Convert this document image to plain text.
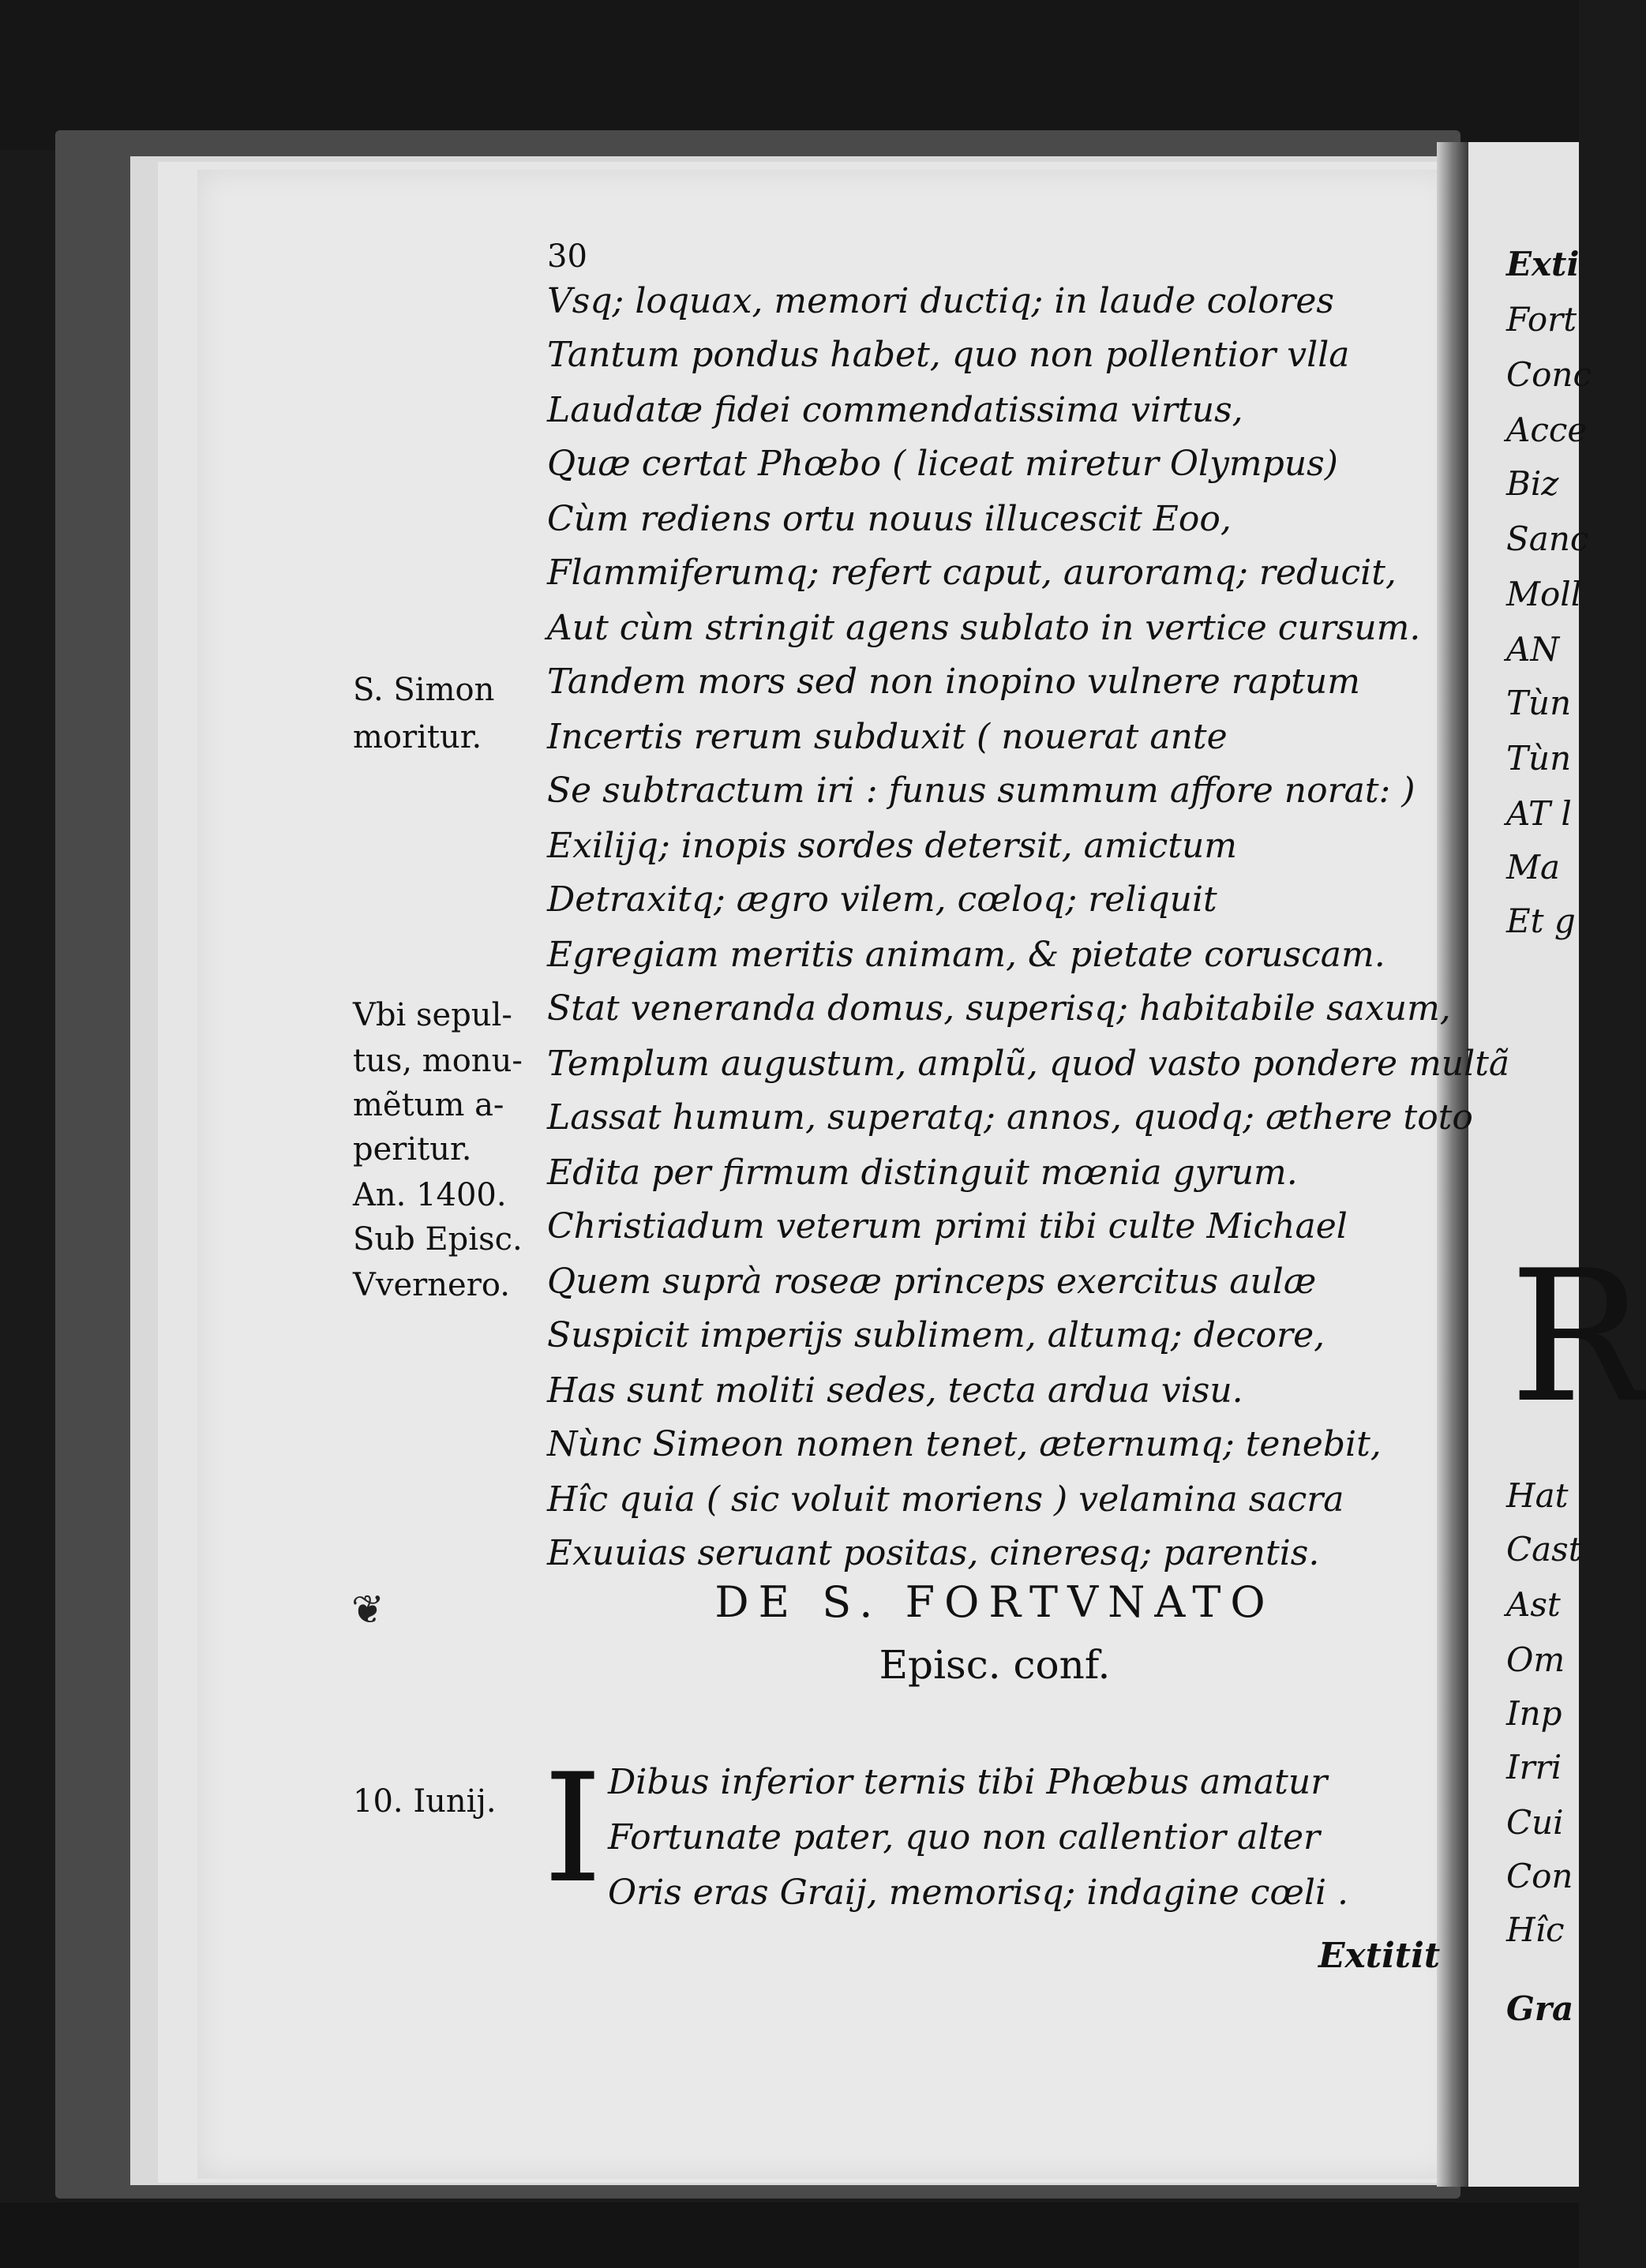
Exti
Fort
Conc
Acce
Biz
Sanc
Moll
AN
Tùn
Tùn
AT l
Ma
Et g
R
Hat
Cast
Ast
Om
Inp
Irri
Cui
Con
Hîc
Gra
30
Vsq; loquax, memori ductiq; in laude colores
Tantum pondus habet, quo non pollentior vlla
Laudatæ fidei commendatissima virtus,
Quæ certat Phœbo ( liceat miretur Olympus)
Cùm rediens ortu nouus illucescit Eoo,
Flammiferumq; refert caput, auroramq; reducit,
Aut cùm stringit agens sublato in vertice cursum.
Tandem mors sed non inopino vulnere raptum
Incertis rerum subduxit ( nouerat ante
Se subtractum iri : funus summum affore norat: )
Exilijq; inopis sordes detersit, amictum
Detraxitq; ægro vilem, cœloq; reliquit
Egregiam meritis animam, & pietate coruscam.
Stat veneranda domus, superisq; habitabile saxum,
Templum augustum, amplũ, quod vasto pondere multã
Lassat humum, superatq; annos, quodq; æthere toto
Edita per firmum distinguit mœnia gyrum.
Christiadum veterum primi tibi culte Michael
Quem suprà roseæ princeps exercitus aulæ
Suspicit imperijs sublimem, altumq; decore,
Has sunt moliti sedes, tecta ardua visu.
Nùnc Simeon nomen tenet, æternumq; tenebit,
Hîc quia ( sic voluit moriens ) velamina sacra
Exuuias seruant positas, cineresq; parentis.
S. Simon
moritur.
Vbi sepul-
tus, monu-
mẽtum a-
peritur.
An. 1400.
Sub Episc.
Vvernero.
10. Iunij.
❦	DE S. FORTVNATO
Episc. conf.
I Dibus inferior ternis tibi Phœbus amatur
Fortunate pater, quo non callentior alter
Oris eras Graij, memorisq; indagine cœli .
Extitit
